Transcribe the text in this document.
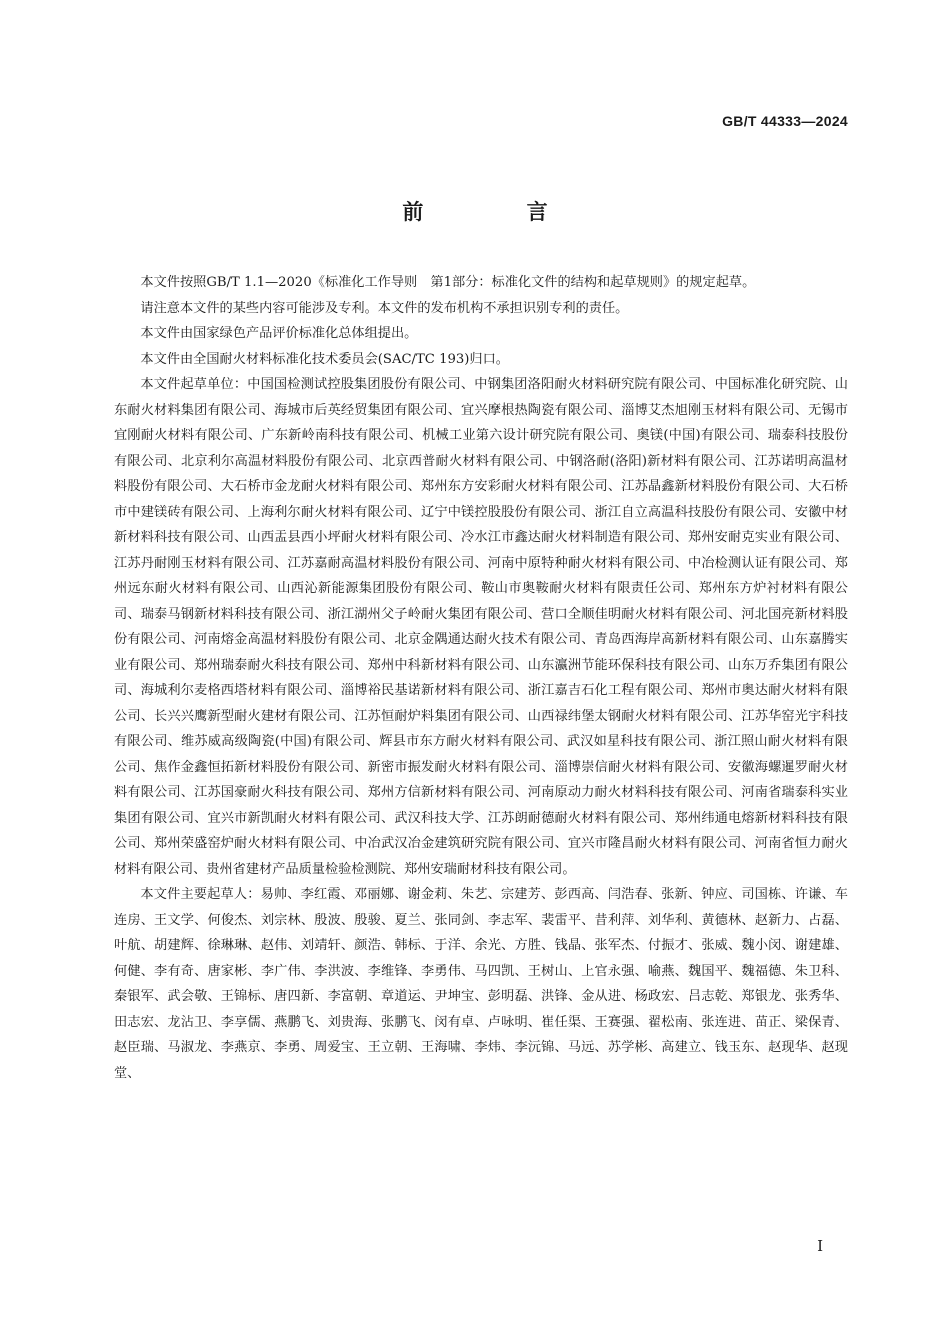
GB/T 44333—2024
前 言

本文件按照GB/T 1.1—2020《标准化工作导则　第1部分：标准化文件的结构和起草规则》的规定起草。

请注意本文件的某些内容可能涉及专利。本文件的发布机构不承担识别专利的责任。

本文件由国家绿色产品评价标准化总体组提出。

本文件由全国耐火材料标准化技术委员会(SAC/TC 193)归口。

本文件起草单位：中国国检测试控股集团股份有限公司、中钢集团洛阳耐火材料研究院有限公司、中国标准化研究院、山东耐火材料集团有限公司、海城市后英经贸集团有限公司、宜兴摩根热陶瓷有限公司、淄博艾杰旭刚玉材料有限公司、无锡市宜刚耐火材料有限公司、广东新岭南科技有限公司、机械工业第六设计研究院有限公司、奥镁(中国)有限公司、瑞泰科技股份有限公司、北京利尔高温材料股份有限公司、北京西普耐火材料有限公司、中钢洛耐(洛阳)新材料有限公司、江苏诺明高温材料股份有限公司、大石桥市金龙耐火材料有限公司、郑州东方安彩耐火材料有限公司、江苏晶鑫新材料股份有限公司、大石桥市中建镁砖有限公司、上海利尔耐火材料有限公司、辽宁中镁控股股份有限公司、浙江自立高温科技股份有限公司、安徽中材新材料科技有限公司、山西盂县西小坪耐火材料有限公司、冷水江市鑫达耐火材料制造有限公司、郑州安耐克实业有限公司、江苏丹耐刚玉材料有限公司、江苏嘉耐高温材料股份有限公司、河南中原特种耐火材料有限公司、中冶检测认证有限公司、郑州远东耐火材料有限公司、山西沁新能源集团股份有限公司、鞍山市奥鞍耐火材料有限责任公司、郑州东方炉衬材料有限公司、瑞泰马钢新材料科技有限公司、浙江湖州父子岭耐火集团有限公司、营口全顺佳明耐火材料有限公司、河北国亮新材料股份有限公司、河南熔金高温材料股份有限公司、北京金隅通达耐火技术有限公司、青岛西海岸高新材料有限公司、山东嘉腾实业有限公司、郑州瑞泰耐火科技有限公司、郑州中科新材料有限公司、山东瀛洲节能环保科技有限公司、山东万乔集团有限公司、海城利尔麦格西塔材料有限公司、淄博裕民基诺新材料有限公司、浙江嘉吉石化工程有限公司、郑州市奥达耐火材料有限公司、长兴兴鹰新型耐火建材有限公司、江苏恒耐炉料集团有限公司、山西禄纬堡太钢耐火材料有限公司、江苏华窑光宇科技有限公司、维苏威高级陶瓷(中国)有限公司、辉县市东方耐火材料有限公司、武汉如星科技有限公司、浙江照山耐火材料有限公司、焦作金鑫恒拓新材料股份有限公司、新密市振发耐火材料有限公司、淄博崇信耐火材料有限公司、安徽海螺暹罗耐火材料有限公司、江苏国豪耐火科技有限公司、郑州方信新材料有限公司、河南原动力耐火材料科技有限公司、河南省瑞泰科实业集团有限公司、宜兴市新凯耐火材料有限公司、武汉科技大学、江苏朗耐德耐火材料有限公司、郑州纬通电熔新材料科技有限公司、郑州荣盛窑炉耐火材料有限公司、中冶武汉冶金建筑研究院有限公司、宜兴市隆昌耐火材料有限公司、河南省恒力耐火材料有限公司、贵州省建材产品质量检验检测院、郑州安瑞耐材科技有限公司。

本文件主要起草人：易帅、李红霞、邓丽娜、谢金莉、朱艺、宗建芳、彭西高、闫浩春、张新、钟应、司国栋、许谦、车连房、王文学、何俊杰、刘宗林、殷波、殷骏、夏兰、张同剑、李志军、裴雷平、昔利萍、刘华利、黄德林、赵新力、占磊、叶航、胡建辉、徐琳琳、赵伟、刘靖轩、颜浩、韩标、于洋、余光、方胜、钱晶、张军杰、付振才、张威、魏小闵、谢建雄、何健、李有奇、唐家彬、李广伟、李洪波、李维锋、李勇伟、马四凯、王树山、上官永强、喻燕、魏国平、魏福德、朱卫科、秦银军、武会敬、王锦标、唐四新、李富朝、章道运、尹坤宝、彭明磊、洪锋、金从进、杨政宏、吕志乾、郑银龙、张秀华、田志宏、龙沾卫、李享儒、燕鹏飞、刘贵海、张鹏飞、闵有卓、卢咏明、崔任渠、王赛强、翟松南、张连进、苗正、梁保青、赵臣瑞、马淑龙、李燕京、李勇、周爱宝、王立朝、王海啸、李炜、李沅锦、马远、苏学彬、高建立、钱玉东、赵现华、赵现堂、

I
